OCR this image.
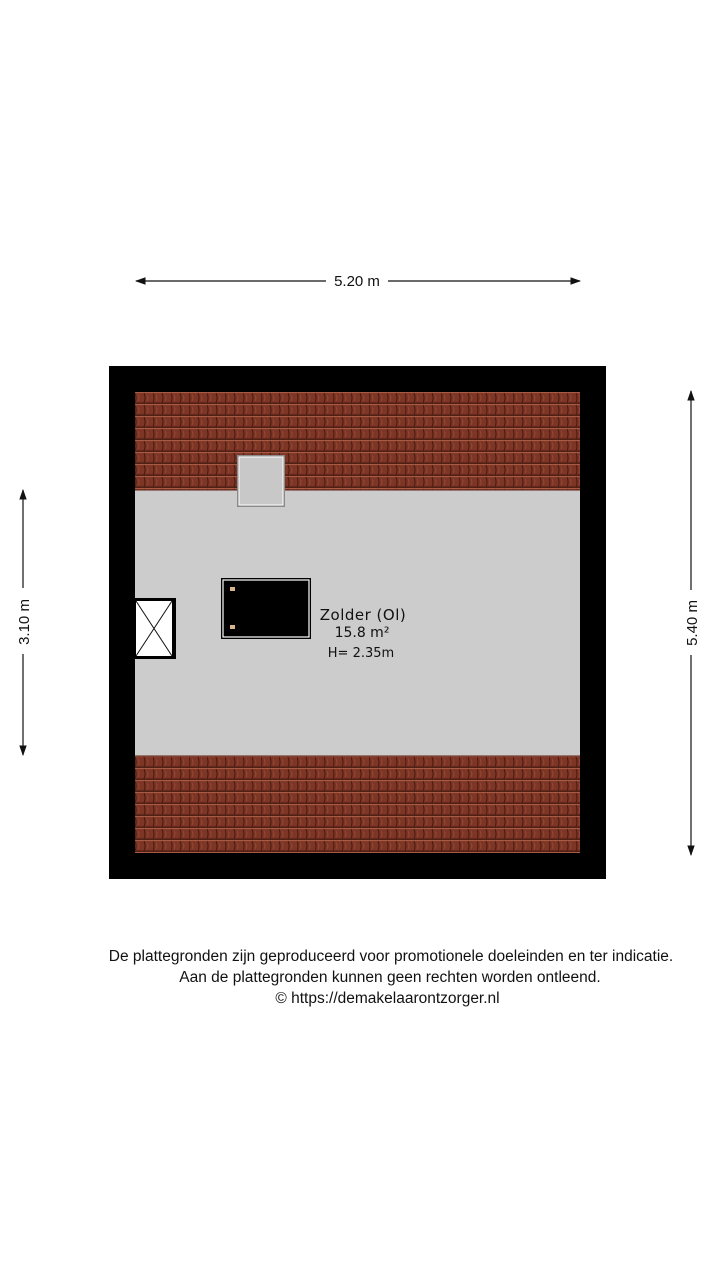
5.20 m
3.10 m	5.40 m
Zolder (Ol)
15.8 m²
H= 2.35m
De plattegronden zijn geproduceerd voor promotionele doeleinden en ter indicatie.
Aan de plattegronden kunnen geen rechten worden ontleend.
© https://demakelaarontzorger.nl
